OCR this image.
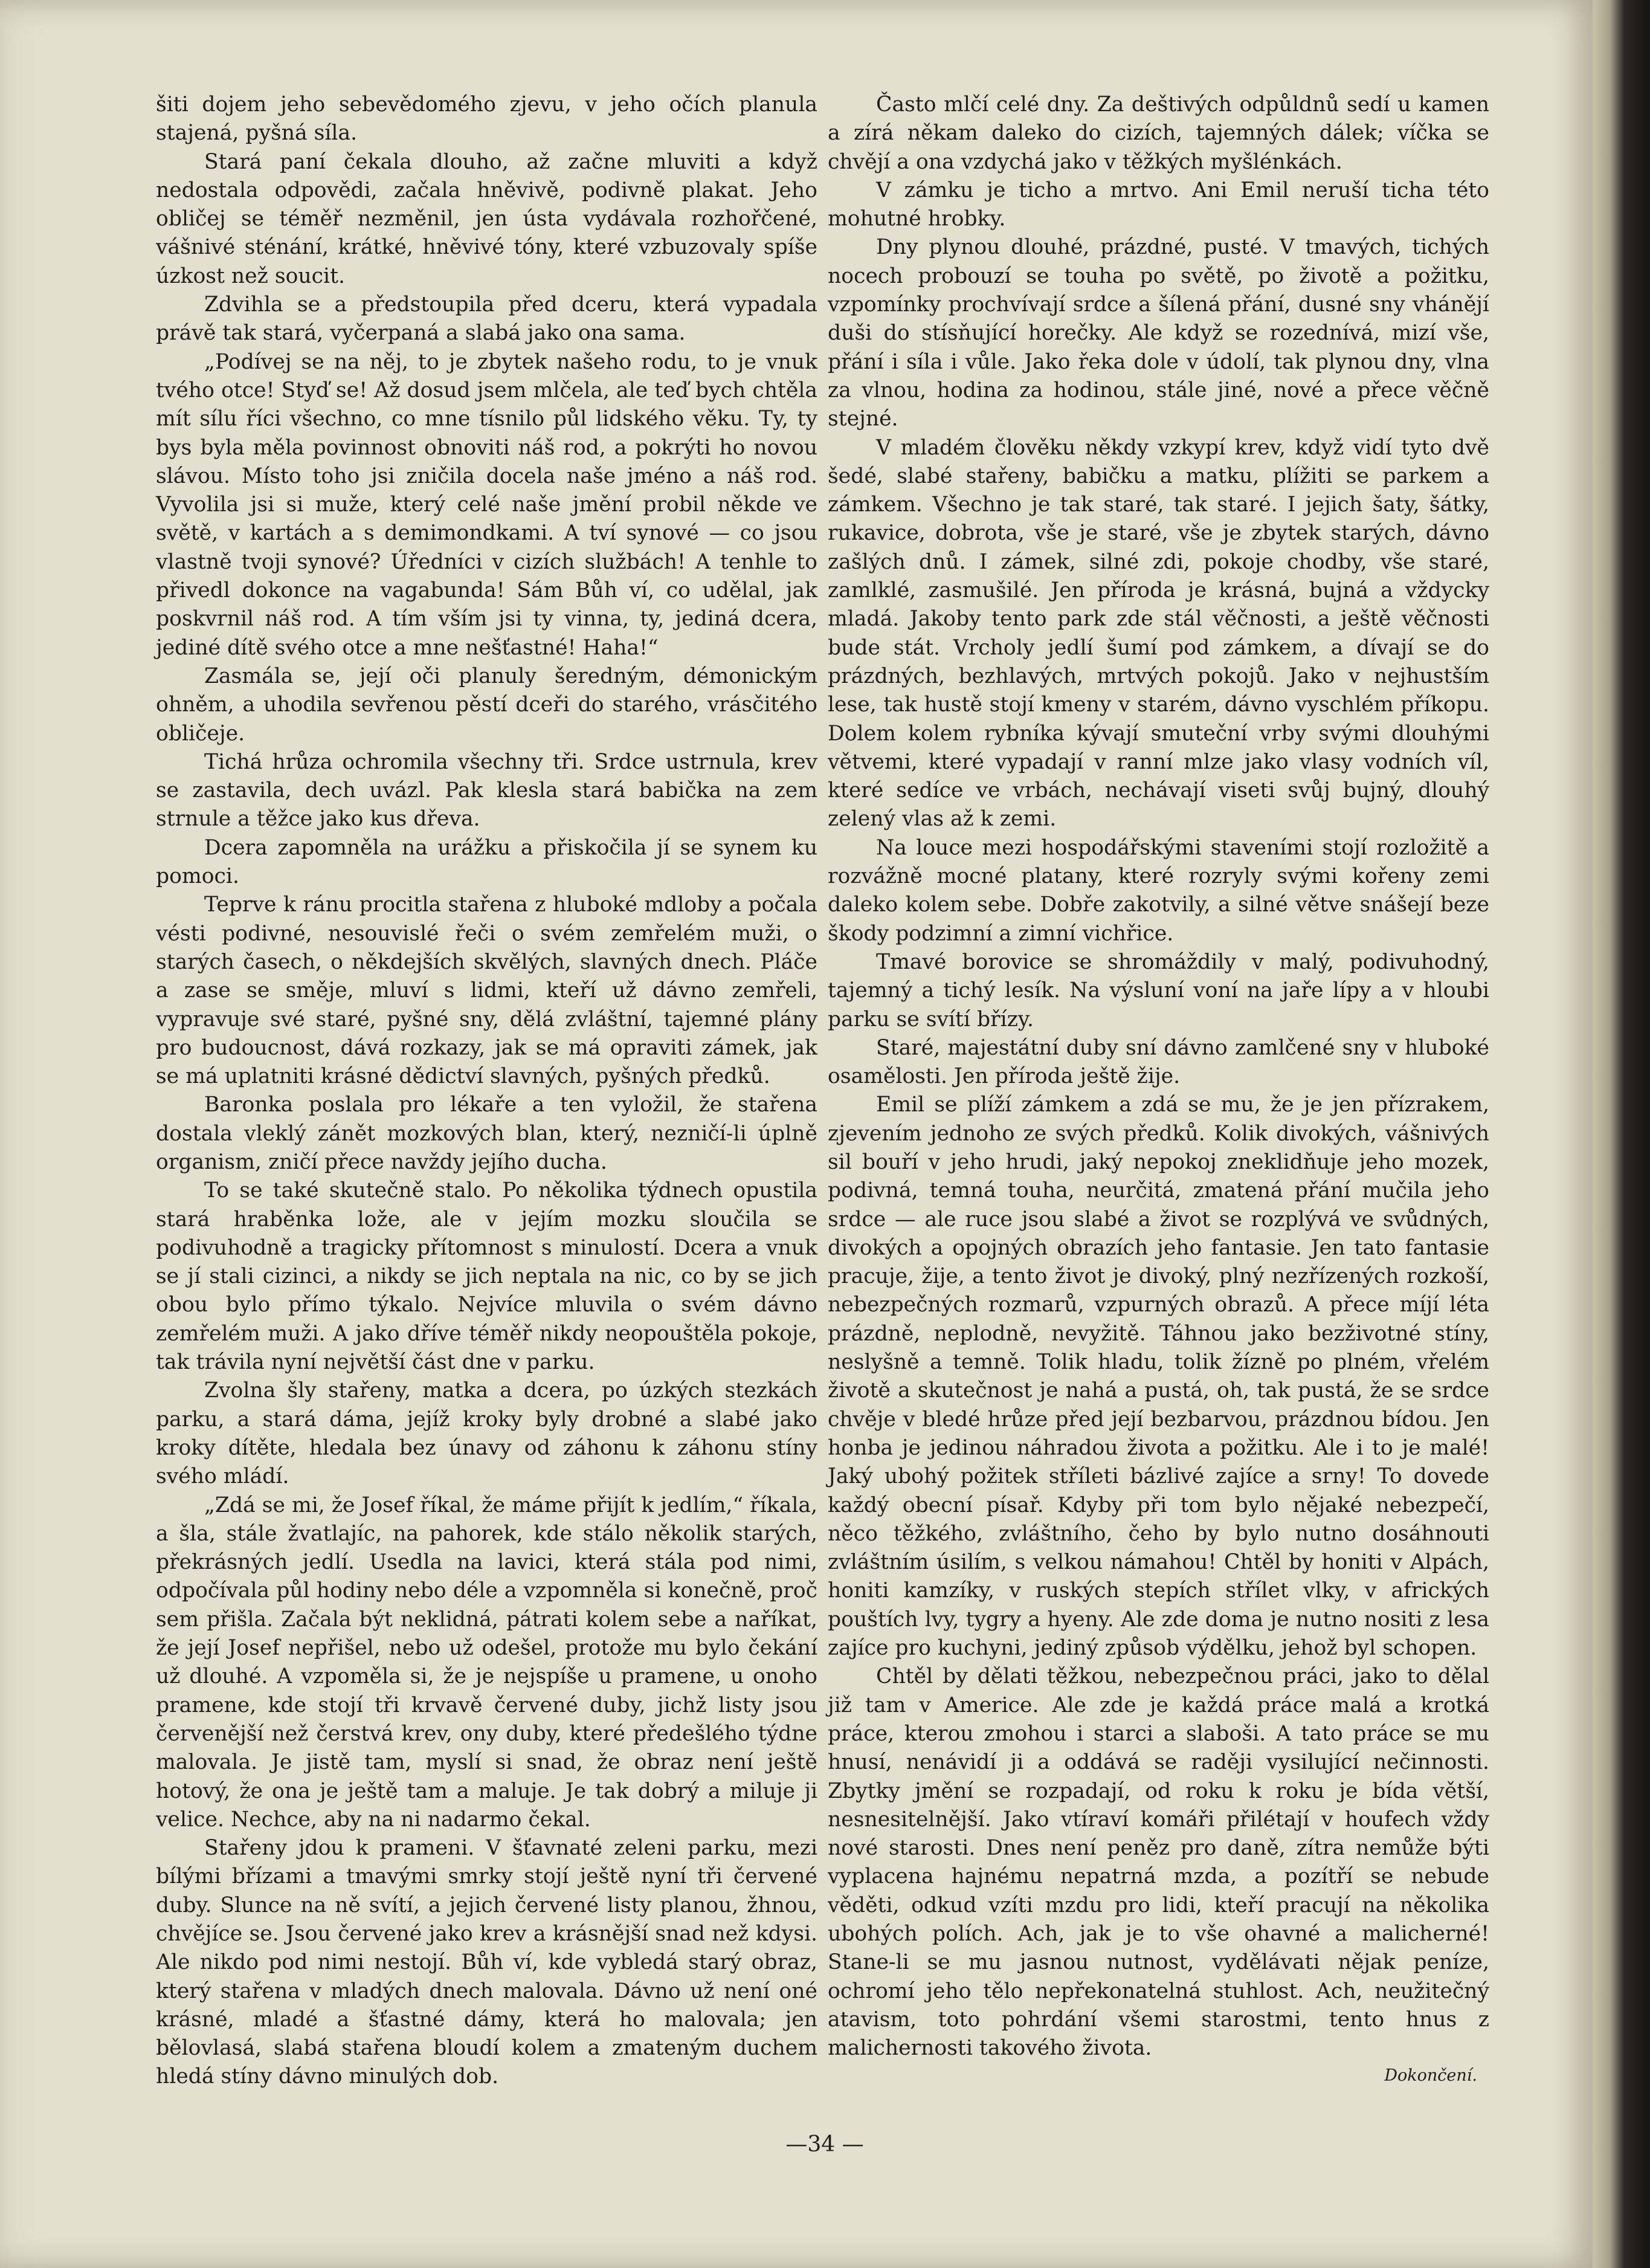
šiti dojem jeho sebevědomého zjevu, v jeho očích planula stajená, pyšná síla.

Stará paní čekala dlouho, až začne mluviti a když nedostala odpovědi, začala hněvivě, podivně plakat. Jeho obličej se téměř nezměnil, jen ústa vydávala rozhořčené, vášnivé sténání, krátké, hněvivé tóny, které vzbuzovaly spíše úzkost než soucit.

Zdvihla se a předstoupila před dceru, která vypadala právě tak stará, vyčerpaná a slabá jako ona sama.

„Podívej se na něj, to je zbytek našeho rodu, to je vnuk tvého otce! Styď se! Až dosud jsem mlčela, ale teď bych chtěla mít sílu říci všechno, co mne tísnilo půl lidského věku. Ty, ty bys byla měla povinnost obnoviti náš rod, a pokrýti ho novou slávou. Místo toho jsi zničila docela naše jméno a náš rod. Vyvolila jsi si muže, který celé naše jmění probil někde ve světě, v kartách a s demimondkami. A tví synové — co jsou vlastně tvoji synové? Úředníci v cizích službách! A tenhle to přivedl dokonce na vagabunda! Sám Bůh ví, co udělal, jak poskvrnil náš rod. A tím vším jsi ty vinna, ty, jediná dcera, jediné dítě svého otce a mne nešťastné! Haha!“

Zasmála se, její oči planuly šeredným, démonickým ohněm, a uhodila sevřenou pěstí dceři do starého, vrásčitého obličeje.

Tichá hrůza ochromila všechny tři. Srdce ustrnula, krev se zastavila, dech uvázl. Pak klesla stará babička na zem strnule a těžce jako kus dřeva.

Dcera zapomněla na urážku a přiskočila jí se synem ku pomoci.

Teprve k ránu procitla stařena z hluboké mdloby a počala vésti podivné, nesouvislé řeči o svém zemřelém muži, o starých časech, o někdejších skvělých, slavných dnech. Pláče a zase se směje, mluví s lidmi, kteří už dávno zemřeli, vypravuje své staré, pyšné sny, dělá zvláštní, tajemné plány pro budoucnost, dává rozkazy, jak se má opraviti zámek, jak se má uplatniti krásné dědictví slavných, pyšných předků.

Baronka poslala pro lékaře a ten vyložil, že stařena dostala vleklý zánět mozkových blan, který, nezničí-li úplně organism, zničí přece navždy jejího ducha.

To se také skutečně stalo. Po několika týdnech opustila stará hraběnka lože, ale v jejím mozku sloučila se podivuhodně a tragicky přítomnost s minulostí. Dcera a vnuk se jí stali cizinci, a nikdy se jich neptala na nic, co by se jich obou bylo přímo týkalo. Nejvíce mluvila o svém dávno zemřelém muži. A jako dříve téměř nikdy neopouštěla pokoje, tak trávila nyní největší část dne v parku.

Zvolna šly stařeny, matka a dcera, po úzkých stezkách parku, a stará dáma, jejíž kroky byly drobné a slabé jako kroky dítěte, hledala bez únavy od záhonu k záhonu stíny svého mládí.

„Zdá se mi, že Josef říkal, že máme přijít k jedlím,“ říkala, a šla, stále žvatlajíc, na pahorek, kde stálo několik starých, překrásných jedlí. Usedla na lavici, která stála pod nimi, odpočívala půl hodiny nebo déle a vzpomněla si konečně, proč sem přišla. Začala být neklidná, pátrati kolem sebe a naříkat, že její Josef nepřišel, nebo už odešel, protože mu bylo čekání už dlouhé. A vzpoměla si, že je nejspíše u pramene, u onoho pramene, kde stojí tři krvavě červené duby, jichž listy jsou červenější než čerstvá krev, ony duby, které předešlého týdne malovala. Je jistě tam, myslí si snad, že obraz není ještě hotový, že ona je ještě tam a maluje. Je tak dobrý a miluje ji velice. Nechce, aby na ni nadarmo čekal.

Stařeny jdou k prameni. V šťavnaté zeleni parku, mezi bílými břízami a tmavými smrky stojí ještě nyní tři červené duby. Slunce na ně svítí, a jejich červené listy planou, žhnou, chvějíce se. Jsou červené jako krev a krásnější snad než kdysi. Ale nikdo pod nimi nestojí. Bůh ví, kde vybledá starý obraz, který stařena v mladých dnech malovala. Dávno už není oné krásné, mladé a šťastné dámy, která ho malovala; jen bělovlasá, slabá stařena bloudí kolem a zmateným duchem hledá stíny dávno minulých dob.

Často mlčí celé dny. Za deštivých odpůldnů sedí u kamen a zírá někam daleko do cizích, tajemných dálek; víčka se chvějí a ona vzdychá jako v těžkých myšlénkách.

V zámku je ticho a mrtvo. Ani Emil neruší ticha této mohutné hrobky.

Dny plynou dlouhé, prázdné, pusté. V tmavých, tichých nocech probouzí se touha po světě, po životě a požitku, vzpomínky prochvívají srdce a šílená přání, dusné sny vhánějí duši do stísňující horečky. Ale když se rozednívá, mizí vše, přání i síla i vůle. Jako řeka dole v údolí, tak plynou dny, vlna za vlnou, hodina za hodinou, stále jiné, nové a přece věčně stejné.

V mladém člověku někdy vzkypí krev, když vidí tyto dvě šedé, slabé stařeny, babičku a matku, plížiti se parkem a zámkem. Všechno je tak staré, tak staré. I jejich šaty, šátky, rukavice, dobrota, vše je staré, vše je zbytek starých, dávno zašlých dnů. I zámek, silné zdi, pokoje chodby, vše staré, zamlklé, zasmušilé. Jen příroda je krásná, bujná a vždycky mladá. Jakoby tento park zde stál věčnosti, a ještě věčnosti bude stát. Vrcholy jedlí šumí pod zámkem, a dívají se do prázdných, bezhlavých, mrtvých pokojů. Jako v nejhustším lese, tak hustě stojí kmeny v starém, dávno vyschlém příkopu. Dolem kolem rybníka kývají smuteční vrby svými dlouhými větvemi, které vypadají v ranní mlze jako vlasy vodních víl, které sedíce ve vrbách, nechávají viseti svůj bujný, dlouhý zelený vlas až k zemi.

Na louce mezi hospodářskými staveními stojí rozložitě a rozvážně mocné platany, které rozryly svými kořeny zemi daleko kolem sebe. Dobře zakotvily, a silné větve snášejí beze škody podzimní a zimní vichřice.

Tmavé borovice se shromáždily v malý, podivuhodný, tajemný a tichý lesík. Na výsluní voní na jaře lípy a v hloubi parku se svítí břízy.

Staré, majestátní duby sní dávno zamlčené sny v hluboké osamělosti. Jen příroda ještě žije.

Emil se plíží zámkem a zdá se mu, že je jen přízrakem, zjevením jednoho ze svých předků. Kolik divokých, vášnivých sil bouří v jeho hrudi, jaký nepokoj zneklidňuje jeho mozek, podivná, temná touha, neurčitá, zmatená přání mučila jeho srdce — ale ruce jsou slabé a život se rozplývá ve svůdných, divokých a opojných obrazích jeho fantasie. Jen tato fantasie pracuje, žije, a tento život je divoký, plný nezřízených rozkoší, nebezpečných rozmarů, vzpurných obrazů. A přece míjí léta prázdně, neplodně, nevyžitě. Táhnou jako bezživotné stíny, neslyšně a temně. Tolik hladu, tolik žízně po plném, vřelém životě a skutečnost je nahá a pustá, oh, tak pustá, že se srdce chvěje v bledé hrůze před její bezbarvou, prázdnou bídou. Jen honba je jedinou náhradou života a požitku. Ale i to je malé! Jaký ubohý požitek stříleti bázlivé zajíce a srny! To dovede každý obecní písař. Kdyby při tom bylo nějaké nebezpečí, něco těžkého, zvláštního, čeho by bylo nutno dosáhnouti zvláštním úsilím, s velkou námahou! Chtěl by honiti v Alpách, honiti kamzíky, v ruských stepích střílet vlky, v afrických pouštích lvy, tygry a hyeny. Ale zde doma je nutno nositi z lesa zajíce pro kuchyni, jediný způsob výdělku, jehož byl schopen.

Chtěl by dělati těžkou, nebezpečnou práci, jako to dělal již tam v Americe. Ale zde je každá práce malá a krotká práce, kterou zmohou i starci a slaboši. A tato práce se mu hnusí, nenávidí ji a oddává se raději vysilující nečinnosti. Zbytky jmění se rozpadají, od roku k roku je bída větší, nesnesitelnější. Jako vtíraví komáři přilétají v houfech vždy nové starosti. Dnes není peněz pro daně, zítra nemůže býti vyplacena hajnému nepatrná mzda, a pozítří se nebude věděti, odkud vzíti mzdu pro lidi, kteří pracují na několika ubohých polích. Ach, jak je to vše ohavné a malicherné! Stane-li se mu jasnou nutnost, vydělávati nějak peníze, ochromí jeho tělo nepřekonatelná stuhlost. Ach, neužitečný atavism, toto pohrdání všemi starostmi, tento hnus z malichernosti takového života.

Dokončení.
—34 —
